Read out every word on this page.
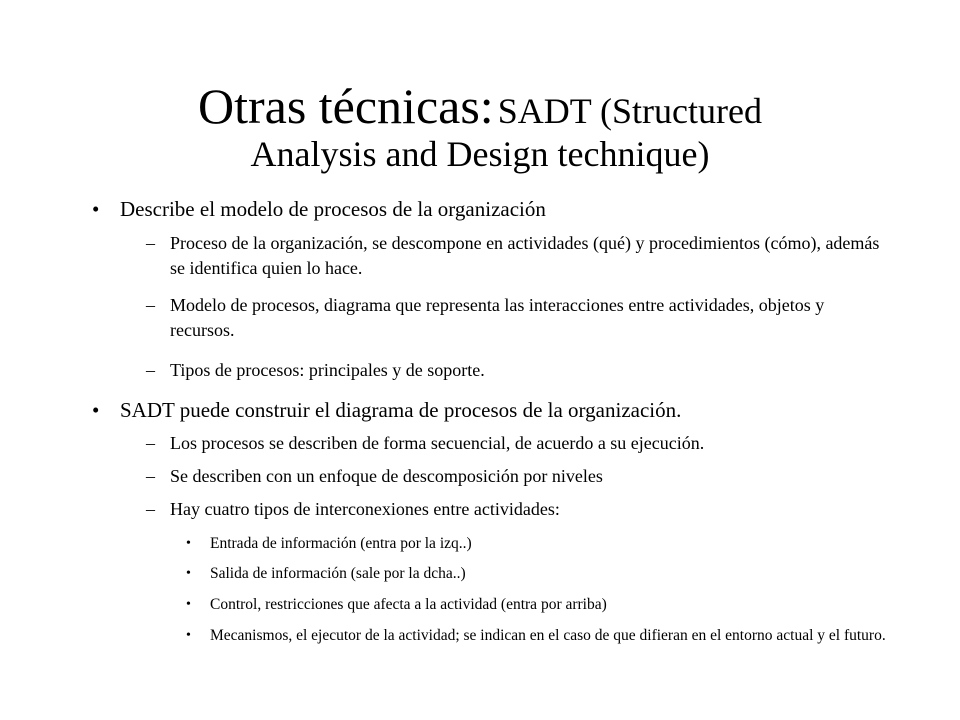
Otras técnicas: SADT (Structured
Analysis and Design technique)
• Describe el modelo de procesos de la organización
– Proceso de la organización, se descompone en actividades (qué) y procedimientos (cómo), además se identifica quien lo hace.
– Modelo de procesos, diagrama que representa las interacciones entre actividades, objetos y recursos.
– Tipos de procesos: principales y de soporte.
• SADT puede construir el diagrama de procesos de la organización.
– Los procesos se describen de forma secuencial, de acuerdo a su ejecución.
– Se describen con un enfoque de descomposición por niveles
– Hay cuatro tipos de interconexiones entre actividades:
• Entrada de información (entra por la izq..)
• Salida de información (sale por la dcha..)
• Control, restricciones que afecta a la actividad (entra por arriba)
• Mecanismos, el ejecutor de la actividad; se indican en el caso de que difieran en el entorno actual y el futuro.
